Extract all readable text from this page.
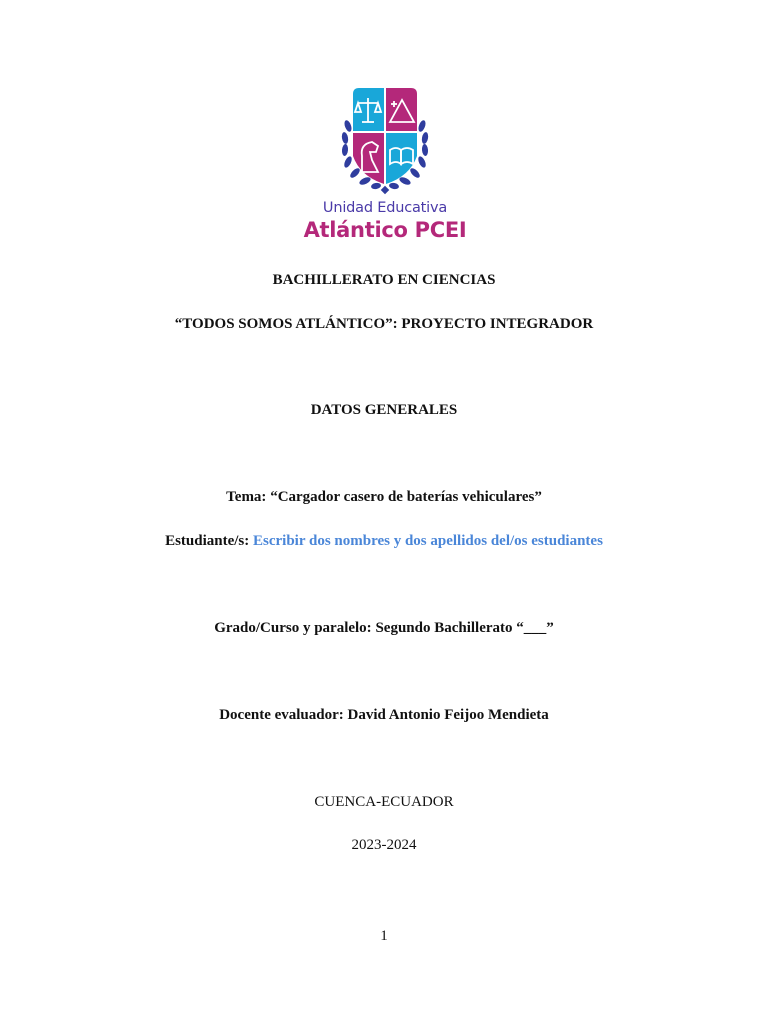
Unidad Educativa
Atlántico PCEI
BACHILLERATO EN CIENCIAS
“TODOS SOMOS ATLÁNTICO”: PROYECTO INTEGRADOR
DATOS GENERALES
Tema: “Cargador casero de baterías vehiculares”
Estudiante/s: Escribir dos nombres y dos apellidos del/os estudiantes
Grado/Curso y paralelo: Segundo Bachillerato “___”
Docente evaluador: David Antonio Feijoo Mendieta
CUENCA-ECUADOR
2023-2024
1
